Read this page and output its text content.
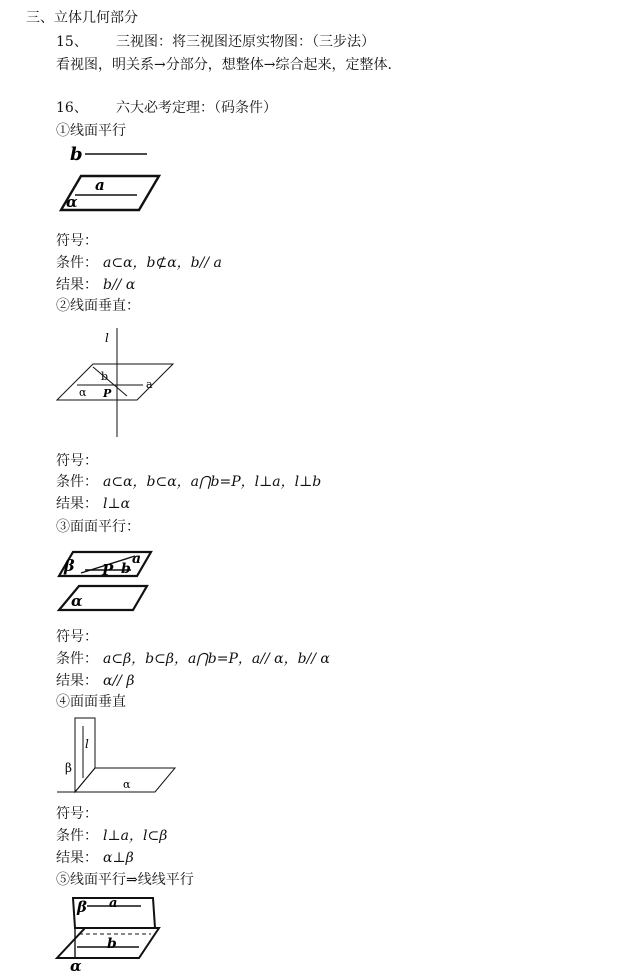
三、立体几何部分
15、 三视图：将三视图还原实物图：（三步法）
看视图，明关系→分部分，想整体→综合起来，定整体.
16、 六大必考定理：（码条件）
①线面平行
b
a
α
符号：
条件： a⊂α，b⊄α，b// a
结果： b// α
②线面垂直：
l
b
a
α P
符号：
条件： a⊂α，b⊂α，a⋂b=P，l⊥a，l⊥b
结果： l⊥α
③面面平行：
β P b
a
α
符号：
条件： a⊂β，b⊂β，a⋂b=P，a// α，b// α
结果： α// β
④面面垂直
l
β
α
符号：
条件： l⊥a，l⊂β
结果： α⊥β
⑤线面平行⇒线线平行
β a
b
α
